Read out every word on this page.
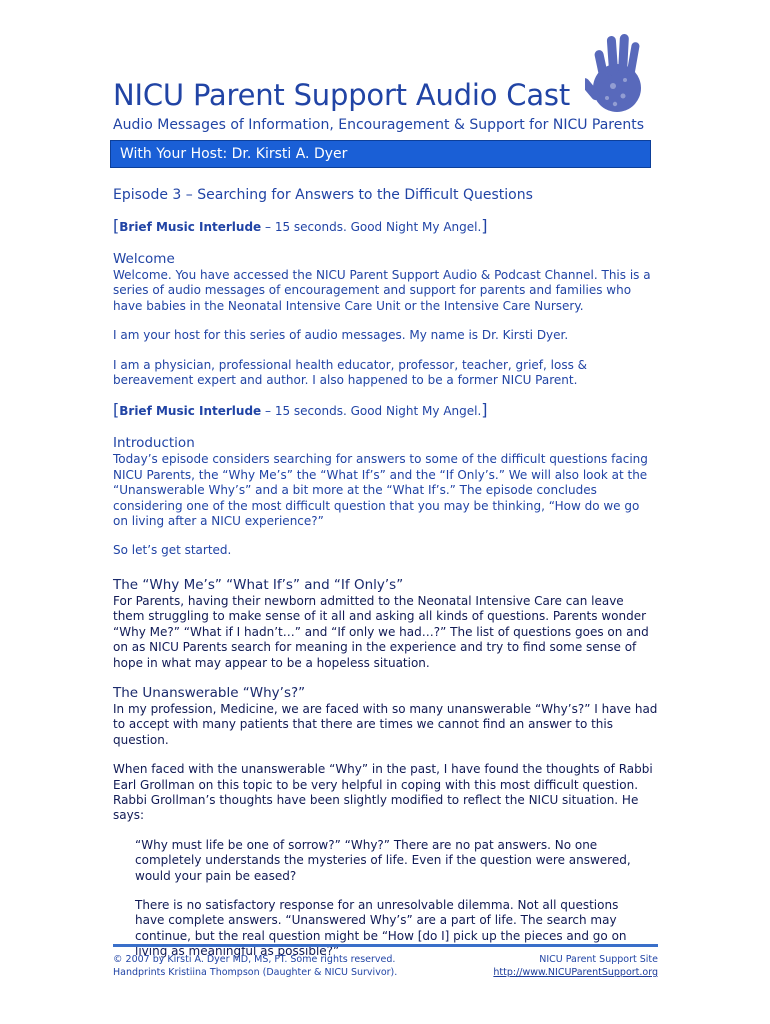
NICU Parent Support Audio Cast

Audio Messages of Information, Encouragement & Support for NICU Parents

With Your Host: Dr. Kirsti A. Dyer

Episode 3 – Searching for Answers to the Difficult Questions

[Brief Music Interlude – 15 seconds. Good Night My Angel.]

Welcome

Welcome. You have accessed the NICU Parent Support Audio & Podcast Channel. This is a series of audio messages of encouragement and support for parents and families who have babies in the Neonatal Intensive Care Unit or the Intensive Care Nursery.

I am your host for this series of audio messages. My name is Dr. Kirsti Dyer.

I am a physician, professional health educator, professor, teacher, grief, loss & bereavement expert and author. I also happened to be a former NICU Parent.

[Brief Music Interlude – 15 seconds. Good Night My Angel.]

Introduction

Today’s episode considers searching for answers to some of the difficult questions facing NICU Parents, the “Why Me’s” the “What If’s” and the “If Only’s.” We will also look at the “Unanswerable Why’s” and a bit more at the “What If’s.” The episode concludes considering one of the most difficult question that you may be thinking, “How do we go on living after a NICU experience?”

So let’s get started.

The “Why Me’s” “What If’s” and “If Only’s”

For Parents, having their newborn admitted to the Neonatal Intensive Care can leave them struggling to make sense of it all and asking all kinds of questions. Parents wonder “Why Me?” “What if I hadn’t…” and “If only we had…?” The list of questions goes on and on as NICU Parents search for meaning in the experience and try to find some sense of hope in what may appear to be a hopeless situation.

The Unanswerable “Why’s?”

In my profession, Medicine, we are faced with so many unanswerable “Why’s?” I have had to accept with many patients that there are times we cannot find an answer to this question.

When faced with the unanswerable “Why” in the past, I have found the thoughts of Rabbi Earl Grollman on this topic to be very helpful in coping with this most difficult question. Rabbi Grollman’s thoughts have been slightly modified to reflect the NICU situation. He says:

“Why must life be one of sorrow?” “Why?” There are no pat answers. No one completely understands the mysteries of life. Even if the question were answered, would your pain be eased?

There is no satisfactory response for an unresolvable dilemma. Not all questions have complete answers. “Unanswered Why’s” are a part of life. The search may continue, but the real question might be “How [do I] pick up the pieces and go on living as meaningful as possible?”

© 2007 by Kirsti A. Dyer MD, MS, FT. Some rights reserved.
Handprints Kristiina Thompson (Daughter & NICU Survivor).
NICU Parent Support Site
http://www.NICUParentSupport.org
